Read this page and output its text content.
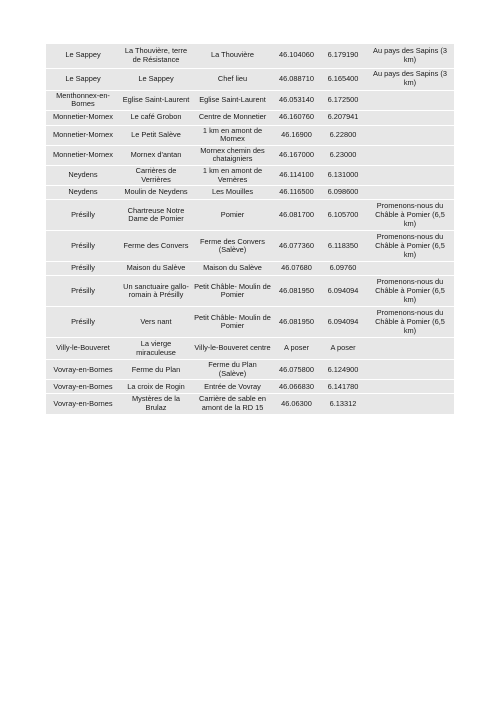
Le Sappey	La Thouvière, terre de Résistance	La Thouvière	46.104060	6.179190	Au pays des Sapins (3 km)
Le Sappey	Le Sappey	Chef lieu	46.088710	6.165400	Au pays des Sapins (3 km)
Menthonnex-en-Bornes	Eglise Saint-Laurent	Eglise Saint-Laurent	46.053140	6.172500	
Monnetier-Mornex	Le café Grobon	Centre de Monnetier	46.160760	6.207941	
Monnetier-Mornex	Le Petit Salève	1 km en amont de Mornex	46.16900	6.22800	
Monnetier-Mornex	Mornex d'antan	Mornex chemin des chataigniers	46.167000	6.23000	
Neydens	Carrières de Verrières	1 km en amont de Vernères	46.114100	6.131000	
Neydens	Moulin de Neydens	Les Mouilles	46.116500	6.098600	
Présilly	Chartreuse Notre Dame de Pomier	Pomier	46.081700	6.105700	Promenons-nous du Châble à Pomier (6,5 km)
Présilly	Ferme des Convers	Ferme des Convers (Salève)	46.077360	6.118350	Promenons-nous du Châble à Pomier (6,5 km)
Présilly	Maison du Salève	Maison du Salève	46.07680	6.09760	
Présilly	Un sanctuaire gallo-romain à Présilly	Petit Châble- Moulin de Pomier	46.081950	6.094094	Promenons-nous du Châble à Pomier (6,5 km)
Présilly	Vers nant	Petit Châble- Moulin de Pomier	46.081950	6.094094	Promenons-nous du Châble à Pomier (6,5 km)
Villy-le-Bouveret	La vierge miraculeuse	Villy-le-Bouveret centre	A poser	A poser	
Vovray-en-Bornes	Ferme du Plan	Ferme du Plan (Salève)	46.075800	6.124900	
Vovray-en-Bornes	La croix de Rogin	Entrée de Vovray	46.066830	6.141780	
Vovray-en-Bornes	Mystères de la Brulaz	Carrière de sable en amont de la RD 15	46.06300	6.13312	
